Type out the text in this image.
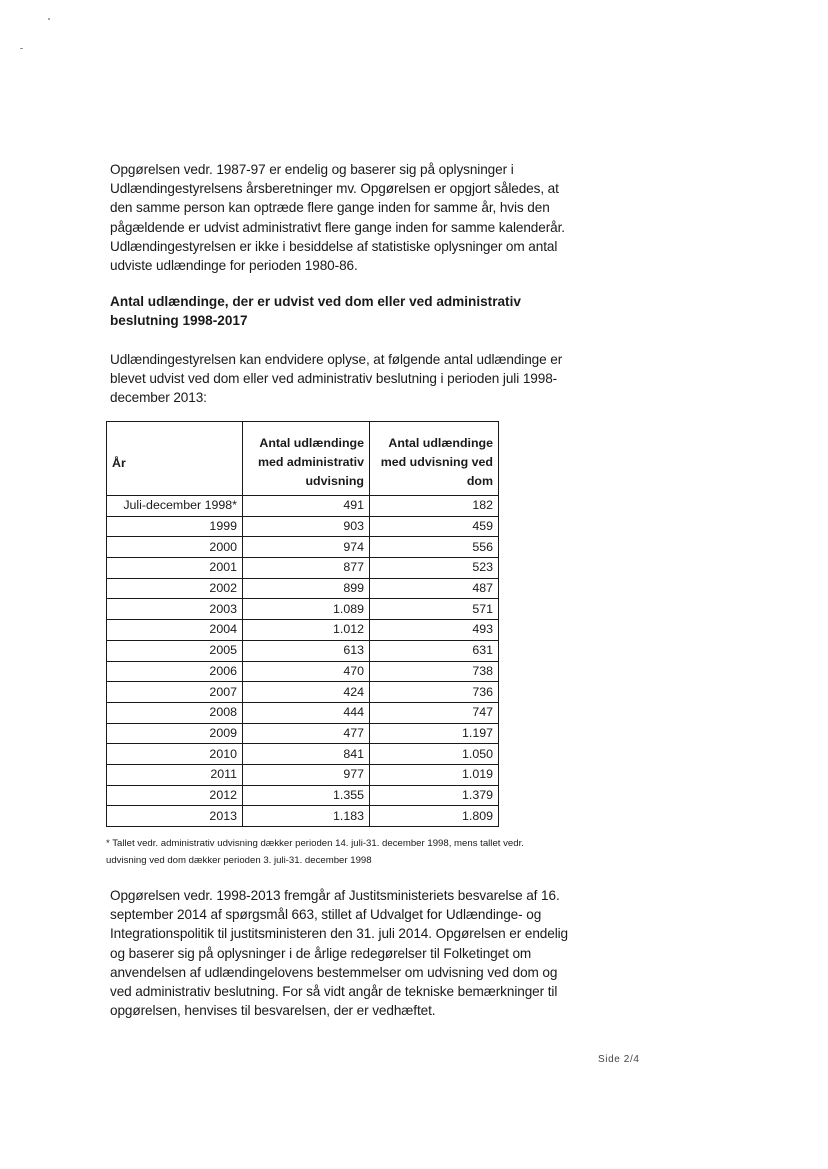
Opgørelsen vedr. 1987-97 er endelig og baserer sig på oplysninger i Udlændingestyrelsens årsberetninger mv. Opgørelsen er opgjort således, at den samme person kan optræde flere gange inden for samme år, hvis den pågældende er udvist administrativt flere gange inden for samme kalenderår. Udlændingestyrelsen er ikke i besiddelse af statistiske oplysninger om antal udviste udlændinge for perioden 1980-86.

Antal udlændinge, der er udvist ved dom eller ved administrativ beslutning 1998-2017

Udlændingestyrelsen kan endvidere oplyse, at følgende antal udlændinge er blevet udvist ved dom eller ved administrativ beslutning i perioden juli 1998-december 2013:

År	Antal udlændinge med administrativ udvisning	Antal udlændinge med udvisning ved dom
Juli-december 1998*	491	182
1999	903	459
2000	974	556
2001	877	523
2002	899	487
2003	1.089	571
2004	1.012	493
2005	613	631
2006	470	738
2007	424	736
2008	444	747
2009	477	1.197
2010	841	1.050
2011	977	1.019
2012	1.355	1.379
2013	1.183	1.809
* Tallet vedr. administrativ udvisning dækker perioden 14. juli-31. december 1998, mens tallet vedr. udvisning ved dom dækker perioden 3. juli-31. december 1998

Opgørelsen vedr. 1998-2013 fremgår af Justitsministeriets besvarelse af 16. september 2014 af spørgsmål 663, stillet af Udvalget for Udlændinge- og Integrationspolitik til justitsministeren den 31. juli 2014. Opgørelsen er endelig og baserer sig på oplysninger i de årlige redegørelser til Folketinget om anvendelsen af udlændingelovens bestemmelser om udvisning ved dom og ved administrativ beslutning. For så vidt angår de tekniske bemærkninger til opgørelsen, henvises til besvarelsen, der er vedhæftet.

Side 2/4
